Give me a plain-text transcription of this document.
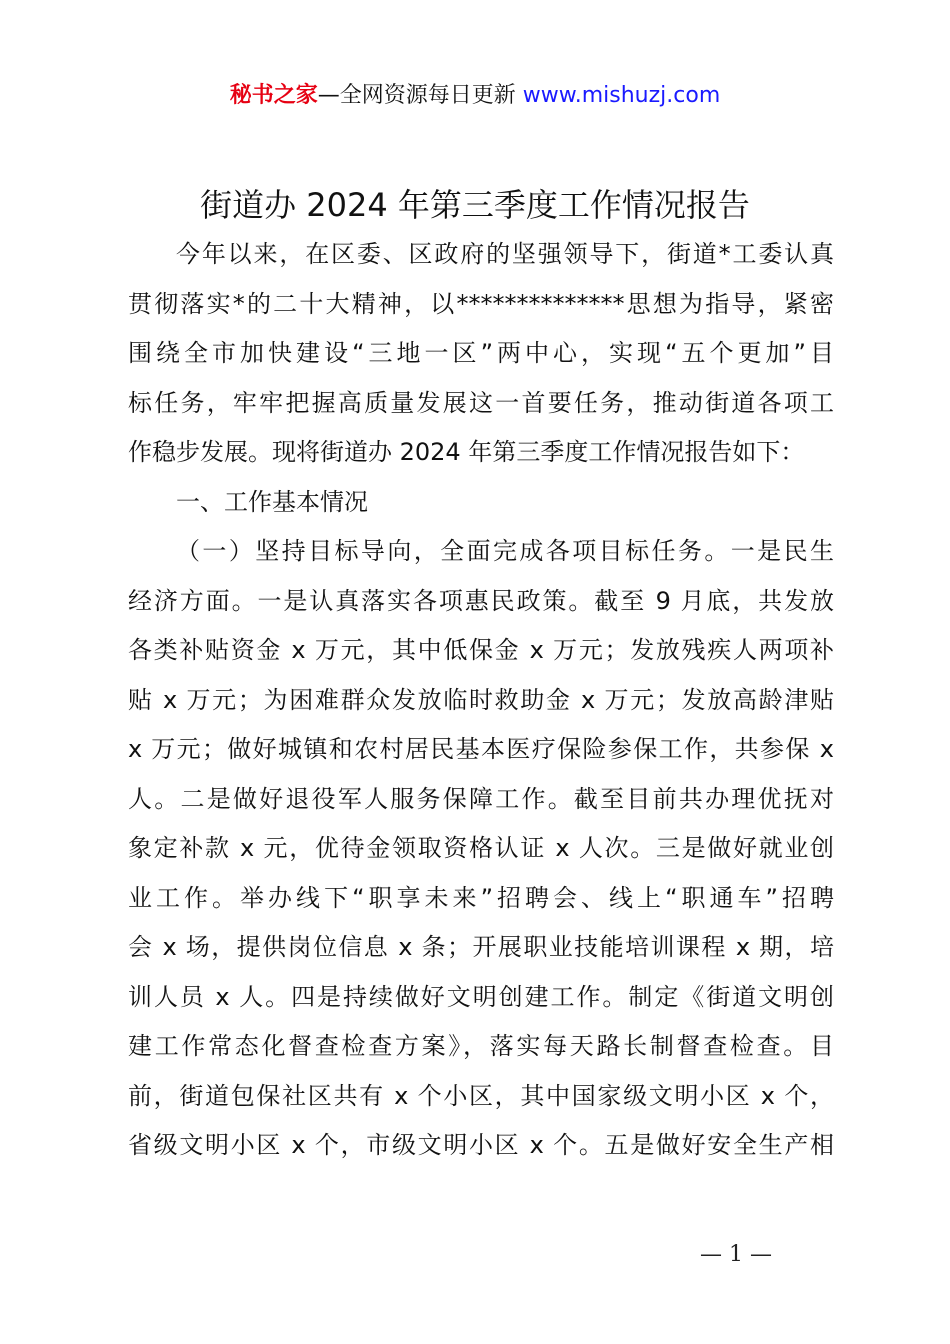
秘书之家—全网资源每日更新 www.mishuzj.com
街道办 2024 年第三季度工作情况报告
今年以来，在区委、区政府的坚强领导下，街道*工委认真
贯彻落实*的二十大精神，以**************思想为指导，紧密
围绕全市加快建设“三地一区”两中心，实现“五个更加”目
标任务，牢牢把握高质量发展这一首要任务，推动街道各项工
作稳步发展。现将街道办 2024 年第三季度工作情况报告如下：
一、工作基本情况
（一）坚持目标导向，全面完成各项目标任务。一是民生
经济方面。一是认真落实各项惠民政策。截至 9 月底，共发放
各类补贴资金 x 万元，其中低保金 x 万元；发放残疾人两项补
贴 x 万元；为困难群众发放临时救助金 x 万元；发放高龄津贴
x 万元；做好城镇和农村居民基本医疗保险参保工作，共参保 x
人。二是做好退役军人服务保障工作。截至目前共办理优抚对
象定补款 x 元，优待金领取资格认证 x 人次。三是做好就业创
业工作。举办线下“职享未来”招聘会、线上“职通车”招聘
会 x 场，提供岗位信息 x 条；开展职业技能培训课程 x 期，培
训人员 x 人。四是持续做好文明创建工作。制定《街道文明创
建工作常态化督查检查方案》，落实每天路长制督查检查。目
前，街道包保社区共有 x 个小区，其中国家级文明小区 x 个，
省级文明小区 x 个，市级文明小区 x 个。五是做好安全生产相
— 1 —
